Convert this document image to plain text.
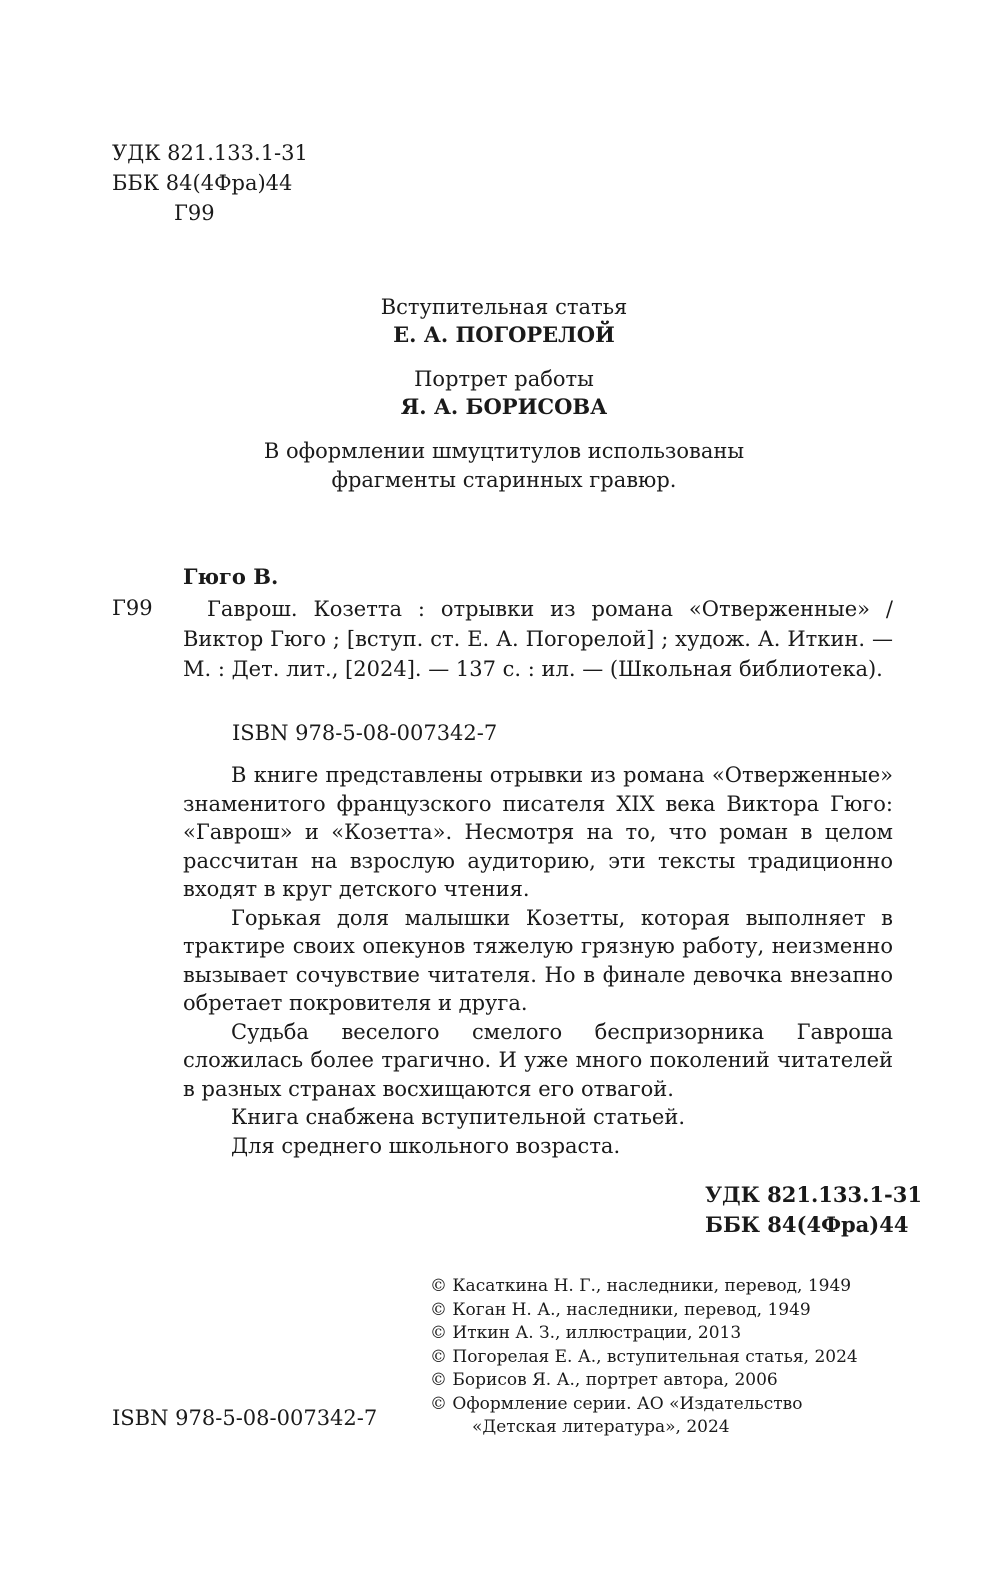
УДК 821.133.1-31
ББК 84(4Фра)44
Г99
Вступительная статья
Е. А. ПОГОРЕЛОЙ
Портрет работы
Я. А. БОРИСОВА
В оформлении шмуцтитулов использованы
фрагменты старинных гравюр.
Гюго В.
Г99	Гаврош. Козетта : отрывки из романа «Отверженные» / Виктор Гюго ; [вступ. ст. Е. А. Погорелой] ; худож. А. Иткин. — М. : Дет. лит., [2024]. — 137 с. : ил. — (Школьная библиотека).

ISBN 978-5-08-007342-7

В книге представлены отрывки из романа «Отверженные» знаменитого французского писателя XIX века Виктора Гюго: «Гаврош» и «Козетта». Несмотря на то, что роман в целом рассчитан на взрослую аудиторию, эти тексты традиционно входят в круг детского чтения.

Горькая доля малышки Козетты, которая выполняет в трактире своих опекунов тяжелую грязную работу, неизменно вызывает сочувствие читателя. Но в финале девочка внезапно обретает покровителя и друга.

Судьба веселого смелого беспризорника Гавроша сложилась более трагично. И уже много поколений читателей в разных странах восхищаются его отвагой.

Книга снабжена вступительной статьей.

Для среднего школьного возраста.

УДК 821.133.1-31
ББК 84(4Фра)44
© Касаткина Н. Г., наследники, перевод, 1949
© Коган Н. А., наследники, перевод, 1949
© Иткин А. З., иллюстрации, 2013
© Погорелая Е. А., вступительная статья, 2024
© Борисов Я. А., портрет автора, 2006
© Оформление серии. АО «Издательство
«Детская литература», 2024
ISBN 978-5-08-007342-7
